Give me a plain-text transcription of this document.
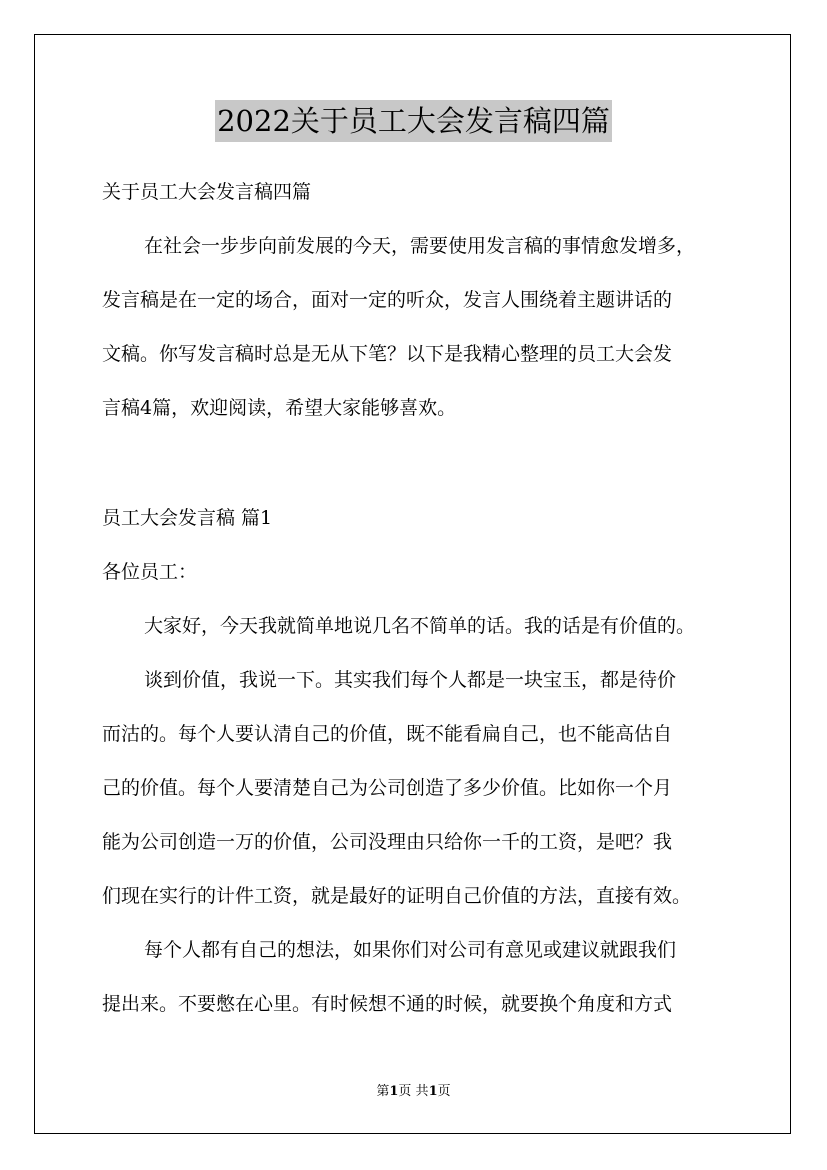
2022关于员工大会发言稿四篇
关于员工大会发言稿四篇
在社会一步步向前发展的今天，需要使用发言稿的事情愈发增多，
发言稿是在一定的场合，面对一定的听众，发言人围绕着主题讲话的
文稿。你写发言稿时总是无从下笔？以下是我精心整理的员工大会发
言稿4篇，欢迎阅读，希望大家能够喜欢。
员工大会发言稿 篇1
各位员工：
大家好，今天我就简单地说几名不简单的话。我的话是有价值的。
谈到价值，我说一下。其实我们每个人都是一块宝玉，都是待价
而沽的。每个人要认清自己的价值，既不能看扁自己，也不能高估自
己的价值。每个人要清楚自己为公司创造了多少价值。比如你一个月
能为公司创造一万的价值，公司没理由只给你一千的工资，是吧？我
们现在实行的计件工资，就是最好的证明自己价值的方法，直接有效。
每个人都有自己的想法，如果你们对公司有意见或建议就跟我们
提出来。不要憋在心里。有时候想不通的时候，就要换个角度和方式
第1页 共1页
